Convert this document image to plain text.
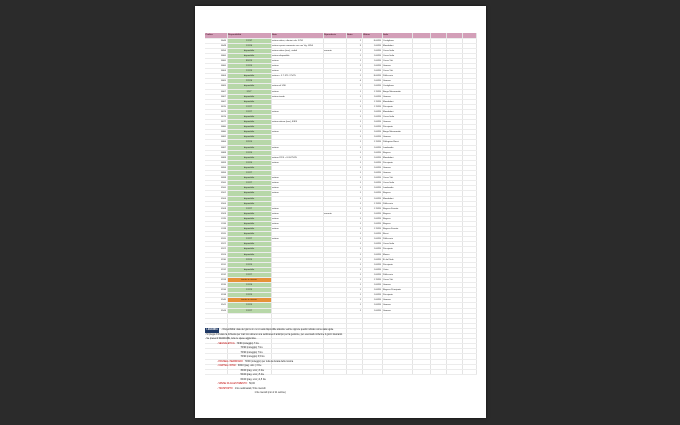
Codice	Disponibilità	Note	Dipendente	Stato	Ultima	Sede				
8046	1/1/37	vetrina attiva, ulteriori vsb. 3784		1	8.00/95	Castiglione				
8048	1/1/26	vetrina spazio numerato con rex Vig. 6954		3	1.00/95	Mondadori				
8056	disponibile	vetrina attiva (tras), visibili	vacante	1	1.00/95	Corso Italia				
8060	disponibile	vetrina disponibile		1	1.00/95	Corso Italia				
8060	8/5/25	vetrina		1	1.00/95	Corso Vitt.				
8060	1/1/25	vetrina		1	1.00/95	Genova				
8064	1/1/25	vetrina		1	1.00/95	Corso Vitt.				
8064	disponibile	vetrina + 3 7.375 / 75/25		1	8.00/95	Pellicceria				
8065	2/2/26			4	1.00/95	Genova				
8065	disponibile	vetrina di 1/36		1	1.00/95	Castiglione				
8067	2/2/7	vetrina		1	1.70/95	Borgo Mezzanotte				
8067	disponibile	vetrina tenda		1	1.00/95	Genova				
8067	disponibile			1	1.70/95	Mondadori				
8070	1/1/27			1	1.70/95	Principato				
8073	1/1/27	vetrina		1	1.00/95	Mondadori				
8076	disponibile			1	1.00/95	Corso Italia				
8077	disponibile	vetrina attesa (tras), 8/8/9		1	1.00/95	Genova				
8080	disponibile			1	1.00/95	Principato				
8080	disponibile	vetrina		1	1.00/95	Borgo Mezzanotte				
8082	disponibile			1	1.00/95	Genova				
8084	2/2/25			1	1.70/95	Pellegrino Rossi				
8087	disponibile	vetrina		1	1.00/95	Lombardia				
8088	1/1/25			1	1.00/95	Ragusa				
8089	disponibile	vetrina 2/2/5 + 8.20/75/25		1	1.00/95	Mondadori				
8093	1/1/25	vetrina		1	1.00/95	Principato				
8094	disponibile			1	1.00/95	Genova				
8094	1/1/27			1	1.00/95	Genova				
8098	disponibile	vetrina		1	1.00/95	Corso Vitt.				
8100	1/1/27	vetrina		1	1.00/95	Corso Italia				
8100	disponibile	vetrina		1	1.00/95	Lombardia				
8102	disponibile	vetrina		1	1.00/95	Ragusa				
8106	disponibile			1	1.00/95	Mondadori				
8106	disponibile			1	1.70/95	Pellicceria				
8108	1/1/27	vetrina		1	1.70/95	Ragusa Ferrata				
8109	disponibile	vetrina	vacante	1	1.00/95	Ragusa				
8115	disponibile	vetrina		1	1.00/95	Ragusa				
8116	disponibile	vetrina		1	1.00/95	Ragusa				
8118	disponibile	vetrina		1	1.70/95	Ragusa Ferrata				
8120	disponibile			1	1.00/95	Rossi				
8120	1/1/27	vetrina		1	1.00/95	Pellicceria				
8122	disponibile			1	1.00/95	Corso Italia				
8122	disponibile			1	1.00/95	Principato				
8126	disponibile			1	1.00/95	Mezzo				
8130	2/2/25			1	1.00/95	B. del Sale				
8131	1/1/25			1	1.00/95	Principato				
8132	disponibile			1	1.00/95	Ostro				
8132	1/1/27			1	1.00/95	Pellicceria				
8133	tenuto in riserva			1	1.70/95	Corso Vitt.				
8135	1/1/26			1	1.00/95	Genova				
8136	1/1/25			1	1.00/95	Ragusa Principato				
8138	1/1/25			1	1.00/95	Principato				
8140	tenuto in riserva			1	1.00/95	Genova				
8141	1/1/25			1	1.00/95	Genova				
8144	1/1/27			1	1.00/95	Genova				

LEGENDA - Disponibilità: date del giorno in cui ci sarà disponibile allestire vetrine oppure quello indicato come data ugole.
- Si prega di inviare la richiesta per mail con almeno una settimana di anticipo per la gestione, per eventuali conferme 2 giorni lavorativi.
- Se presenti SEGNARE, tutte le spese aggiuntive.
- SEGNALETICA: 70/90 (noleggio) 7 lire
70/90 (noleggio) 7 lire
70/90 (noleggio) 7 lire
70/90 (noleggio) 6,5 lire
- PANNELLI SEMIRIGIDI: 70/90 (noleggio) per tutta la durata della mostra
- CARTELLI FISSI: 30/40 (pag. unic.) 3 lire
30/40 (pag. unic.) 3 lire
50/40 (pag. unic.) 5 lire
60/40 (pag. unic.) 4,5 lire
- SPESE DI ALLESTIMENTO: 50,00
- TRASPORTO: 1 lire settimanali, 5 lire mensili
1 lire mensili (con 2 11 vetrine)
